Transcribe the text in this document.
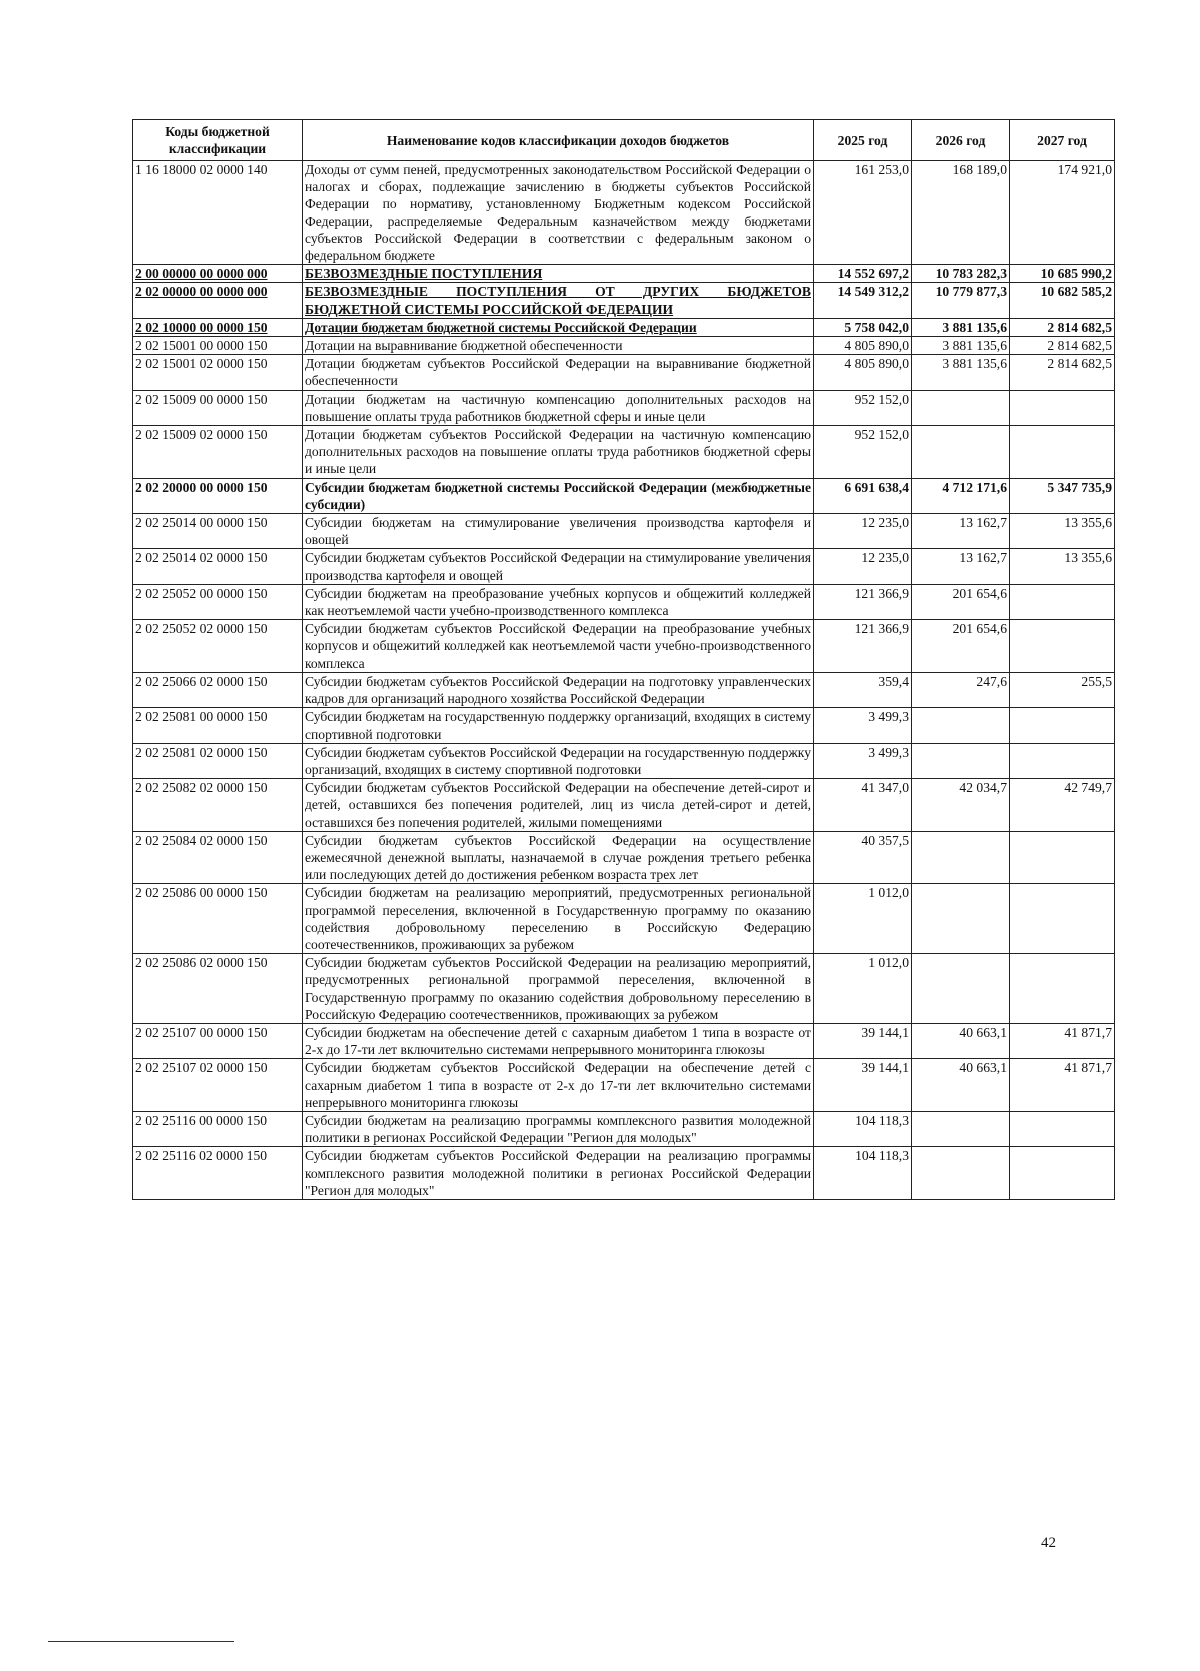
Коды бюджетной классификации	Наименование кодов классификации доходов бюджетов	2025 год	2026 год	2027 год
1 16 18000 02 0000 140	Доходы от сумм пеней, предусмотренных законодательством Российской Федерации о налогах и сборах, подлежащие зачислению в бюджеты субъектов Российской Федерации по нормативу, установленному Бюджетным кодексом Российской Федерации, распределяемые Федеральным казначейством между бюджетами субъектов Российской Федерации в соответствии с федеральным законом о федеральном бюджете	161 253,0	168 189,0	174 921,0
2 00 00000 00 0000 000	БЕЗВОЗМЕЗДНЫЕ ПОСТУПЛЕНИЯ	14 552 697,2	10 783 282,3	10 685 990,2
2 02 00000 00 0000 000	БЕЗВОЗМЕЗДНЫЕ ПОСТУПЛЕНИЯ ОТ ДРУГИХ БЮДЖЕТОВ БЮДЖЕТНОЙ СИСТЕМЫ РОССИЙСКОЙ ФЕДЕРАЦИИ	14 549 312,2	10 779 877,3	10 682 585,2
2 02 10000 00 0000 150	Дотации бюджетам бюджетной системы Российской Федерации	5 758 042,0	3 881 135,6	2 814 682,5
2 02 15001 00 0000 150	Дотации на выравнивание бюджетной обеспеченности	4 805 890,0	3 881 135,6	2 814 682,5
2 02 15001 02 0000 150	Дотации бюджетам субъектов Российской Федерации на выравнивание бюджетной обеспеченности	4 805 890,0	3 881 135,6	2 814 682,5
2 02 15009 00 0000 150	Дотации бюджетам на частичную компенсацию дополнительных расходов на повышение оплаты труда работников бюджетной сферы и иные цели	952 152,0		
2 02 15009 02 0000 150	Дотации бюджетам субъектов Российской Федерации на частичную компенсацию дополнительных расходов на повышение оплаты труда работников бюджетной сферы и иные цели	952 152,0		
2 02 20000 00 0000 150	Субсидии бюджетам бюджетной системы Российской Федерации (межбюджетные субсидии)	6 691 638,4	4 712 171,6	5 347 735,9
2 02 25014 00 0000 150	Субсидии бюджетам на стимулирование увеличения производства картофеля и овощей	12 235,0	13 162,7	13 355,6
2 02 25014 02 0000 150	Субсидии бюджетам субъектов Российской Федерации на стимулирование увеличения производства картофеля и овощей	12 235,0	13 162,7	13 355,6
2 02 25052 00 0000 150	Субсидии бюджетам на преобразование учебных корпусов и общежитий колледжей как неотъемлемой части учебно-производственного комплекса	121 366,9	201 654,6	
2 02 25052 02 0000 150	Субсидии бюджетам субъектов Российской Федерации на преобразование учебных корпусов и общежитий колледжей как неотъемлемой части учебно-производственного комплекса	121 366,9	201 654,6	
2 02 25066 02 0000 150	Субсидии бюджетам субъектов Российской Федерации на подготовку управленческих кадров для организаций народного хозяйства Российской Федерации	359,4	247,6	255,5
2 02 25081 00 0000 150	Субсидии бюджетам на государственную поддержку организаций, входящих в систему спортивной подготовки	3 499,3		
2 02 25081 02 0000 150	Субсидии бюджетам субъектов Российской Федерации на государственную поддержку организаций, входящих в систему спортивной подготовки	3 499,3		
2 02 25082 02 0000 150	Субсидии бюджетам субъектов Российской Федерации на обеспечение детей-сирот и детей, оставшихся без попечения родителей, лиц из числа детей-сирот и детей, оставшихся без попечения родителей, жилыми помещениями	41 347,0	42 034,7	42 749,7
2 02 25084 02 0000 150	Субсидии бюджетам субъектов Российской Федерации на осуществление ежемесячной денежной выплаты, назначаемой в случае рождения третьего ребенка или последующих детей до достижения ребенком возраста трех лет	40 357,5		
2 02 25086 00 0000 150	Субсидии бюджетам на реализацию мероприятий, предусмотренных региональной программой переселения, включенной в Государственную программу по оказанию содействия добровольному переселению в Российскую Федерацию соотечественников, проживающих за рубежом	1 012,0		
2 02 25086 02 0000 150	Субсидии бюджетам субъектов Российской Федерации на реализацию мероприятий, предусмотренных региональной программой переселения, включенной в Государственную программу по оказанию содействия добровольному переселению в Российскую Федерацию соотечественников, проживающих за рубежом	1 012,0		
2 02 25107 00 0000 150	Субсидии бюджетам на обеспечение детей с сахарным диабетом 1 типа в возрасте от 2-х до 17-ти лет включительно системами непрерывного мониторинга глюкозы	39 144,1	40 663,1	41 871,7
2 02 25107 02 0000 150	Субсидии бюджетам субъектов Российской Федерации на обеспечение детей с сахарным диабетом 1 типа в возрасте от 2-х до 17-ти лет включительно системами непрерывного мониторинга глюкозы	39 144,1	40 663,1	41 871,7
2 02 25116 00 0000 150	Субсидии бюджетам на реализацию программы комплексного развития молодежной политики в регионах Российской Федерации "Регион для молодых"	104 118,3		
2 02 25116 02 0000 150	Субсидии бюджетам субъектов Российской Федерации на реализацию программы комплексного развития молодежной политики в регионах Российской Федерации "Регион для молодых"	104 118,3		
42
